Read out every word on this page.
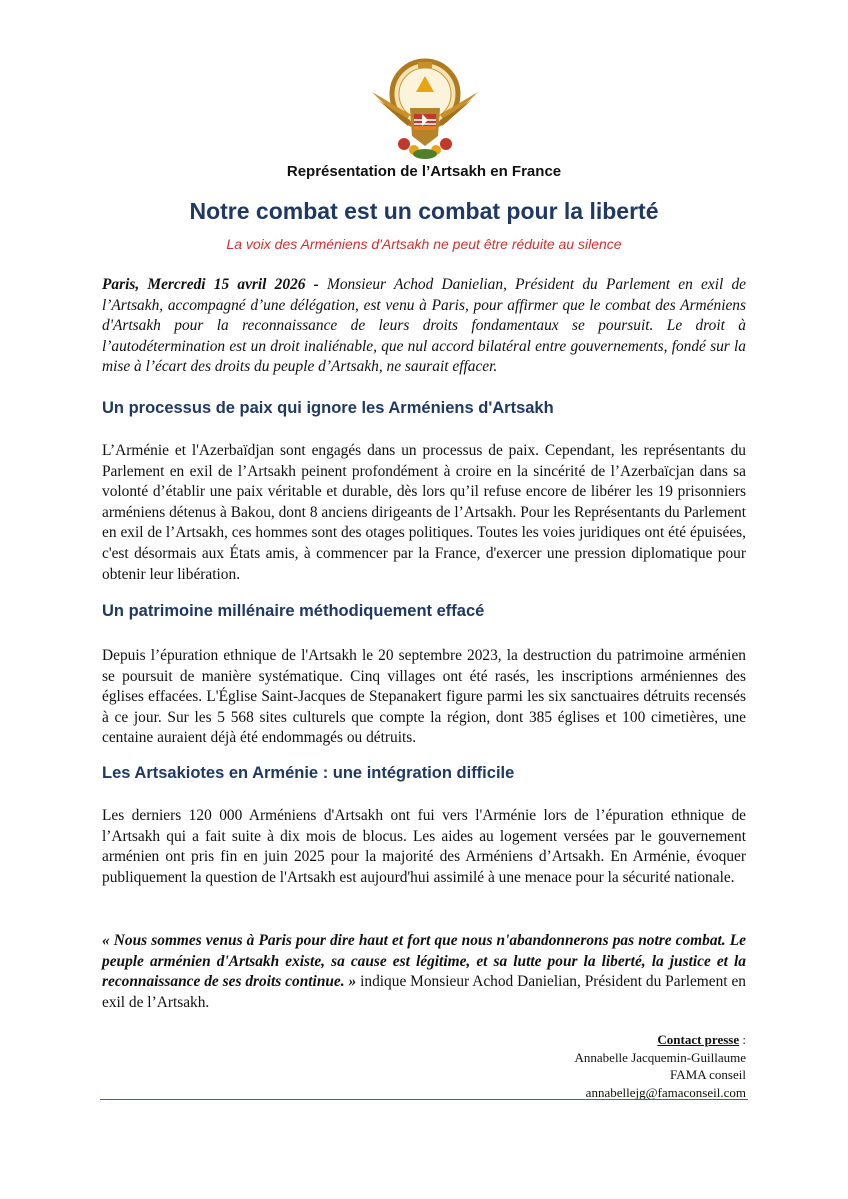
Représentation de l’Artsakh en France
Notre combat est un combat pour la liberté
La voix des Arméniens d'Artsakh ne peut être réduite au silence

Paris, Mercredi 15 avril 2026 - Monsieur Achod Danielian, Président du Parlement en exil de l’Artsakh, accompagné d’une délégation, est venu à Paris, pour affirmer que le combat des Arméniens d'Artsakh pour la reconnaissance de leurs droits fondamentaux se poursuit. Le droit à l’autodétermination est un droit inaliénable, que nul accord bilatéral entre gouvernements, fondé sur la mise à l’écart des droits du peuple d’Artsakh, ne saurait effacer.

Un processus de paix qui ignore les Arméniens d'Artsakh

L’Arménie et l'Azerbaïdjan sont engagés dans un processus de paix. Cependant, les représentants du Parlement en exil de l’Artsakh peinent profondément à croire en la sincérité de l’Azerbaïcjan dans sa volonté d’établir une paix véritable et durable, dès lors qu’il refuse encore de libérer les 19 prisonniers arméniens détenus à Bakou, dont 8 anciens dirigeants de l’Artsakh. Pour les Représentants du Parlement en exil de l’Artsakh, ces hommes sont des otages politiques. Toutes les voies juridiques ont été épuisées, c'est désormais aux États amis, à commencer par la France, d'exercer une pression diplomatique pour obtenir leur libération.

Un patrimoine millénaire méthodiquement effacé

Depuis l’épuration ethnique de l'Artsakh le 20 septembre 2023, la destruction du patrimoine arménien se poursuit de manière systématique. Cinq villages ont été rasés, les inscriptions arméniennes des églises effacées. L'Église Saint-Jacques de Stepanakert figure parmi les six sanctuaires détruits recensés à ce jour. Sur les 5 568 sites culturels que compte la région, dont 385 églises et 100 cimetières, une centaine auraient déjà été endommagés ou détruits.

Les Artsakiotes en Arménie : une intégration difficile

Les derniers 120 000 Arméniens d'Artsakh ont fui vers l'Arménie lors de l’épuration ethnique de l’Artsakh qui a fait suite à dix mois de blocus. Les aides au logement versées par le gouvernement arménien ont pris fin en juin 2025 pour la majorité des Arméniens d’Artsakh. En Arménie, évoquer publiquement la question de l'Artsakh est aujourd'hui assimilé à une menace pour la sécurité nationale.

« Nous sommes venus à Paris pour dire haut et fort que nous n'abandonnerons pas notre combat. Le peuple arménien d'Artsakh existe, sa cause est légitime, et sa lutte pour la liberté, la justice et la reconnaissance de ses droits continue. » indique Monsieur Achod Danielian, Président du Parlement en exil de l’Artsakh.

Contact presse :
Annabelle Jacquemin-Guillaume
FAMA conseil
annabellejg@famaconseil.com
